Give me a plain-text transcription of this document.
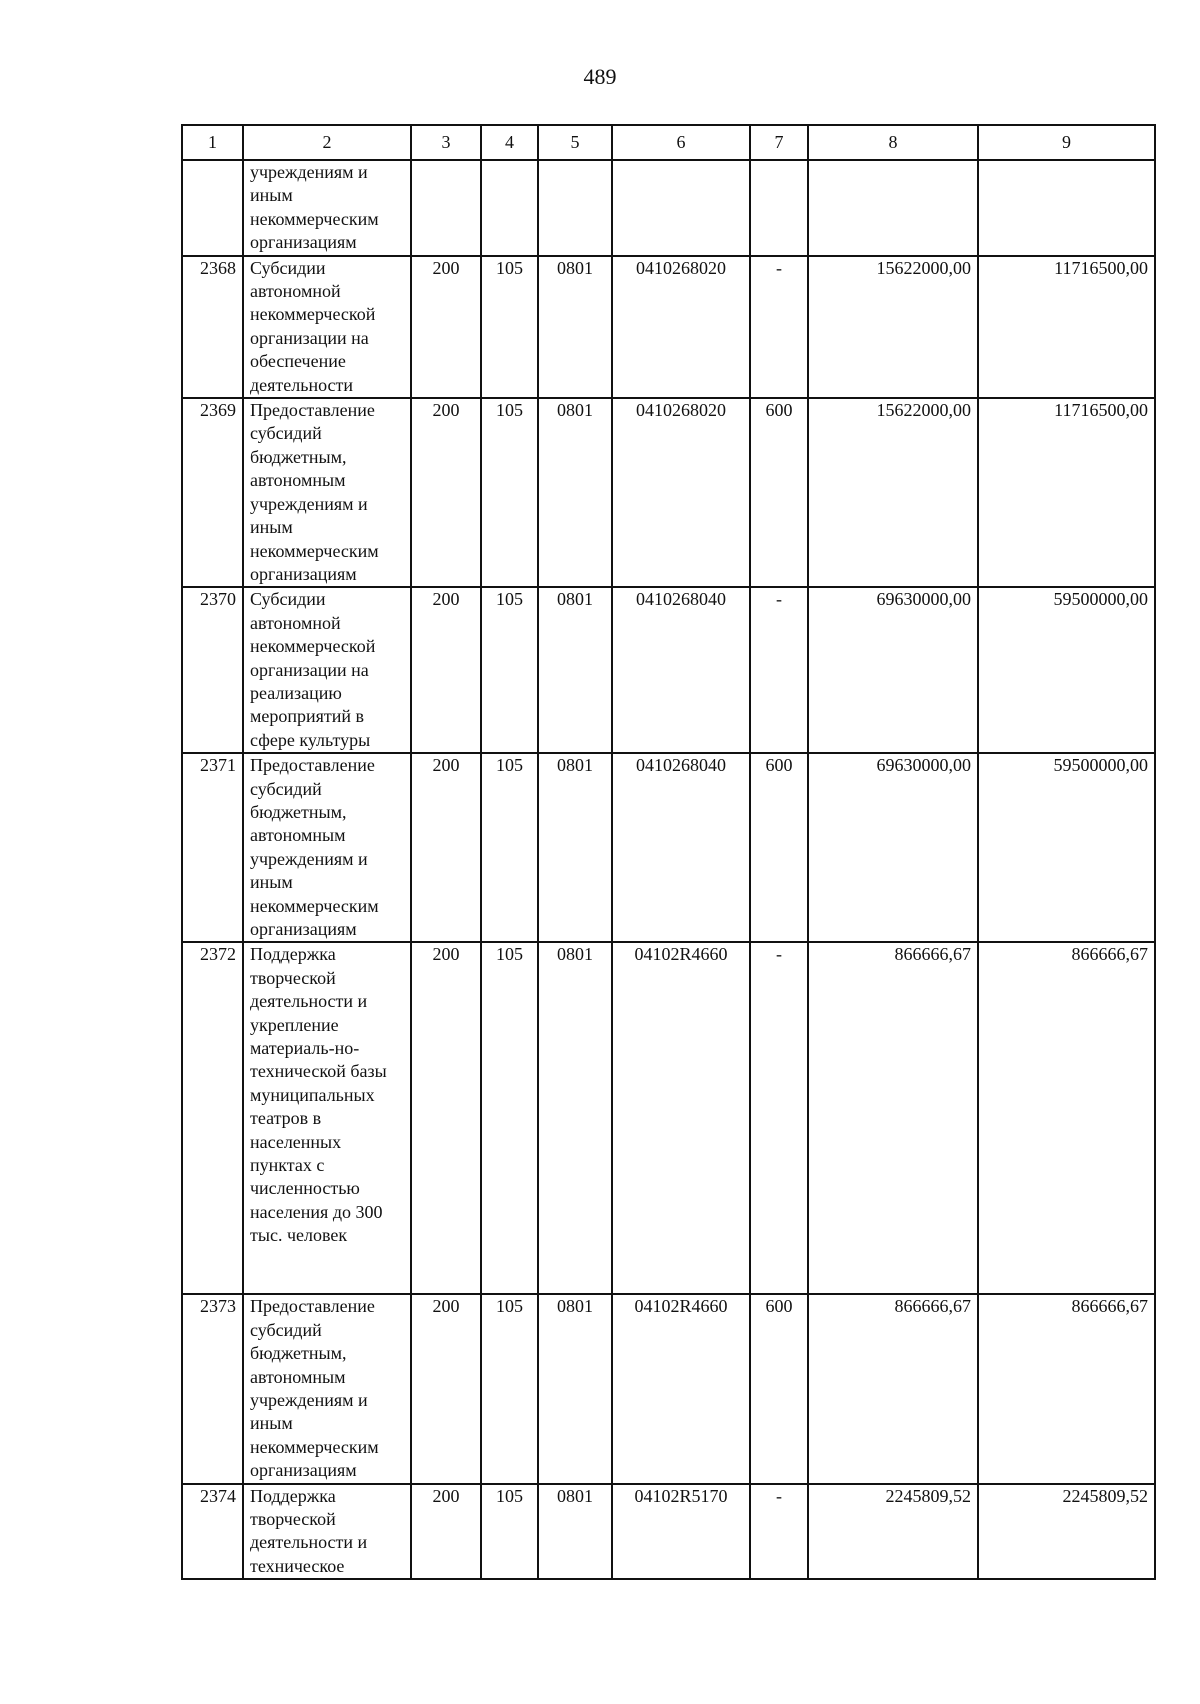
489
1	2	3	4	5	6	7	8	9
	учреждениям и иным некоммерческим организациям							
2368	Субсидии автономной некоммерческой организации на обеспечение деятельности	200	105	0801	0410268020	-	15622000,00	11716500,00
2369	Предоставление субсидий бюджетным, автономным учреждениям и иным некоммерческим организациям	200	105	0801	0410268020	600	15622000,00	11716500,00
2370	Субсидии автономной некоммерческой организации на реализацию мероприятий в сфере культуры	200	105	0801	0410268040	-	69630000,00	59500000,00
2371	Предоставление субсидий бюджетным, автономным учреждениям и иным некоммерческим организациям	200	105	0801	0410268040	600	69630000,00	59500000,00
2372	Поддержка творческой деятельности и укрепление материаль-но-технической базы муниципальных театров в населенных пунктах с численностью населения до 300 тыс. человек	200	105	0801	04102R4660	-	866666,67	866666,67
2373	Предоставление субсидий бюджетным, автономным учреждениям и иным некоммерческим организациям	200	105	0801	04102R4660	600	866666,67	866666,67
2374	Поддержка творческой деятельности и техническое	200	105	0801	04102R5170	-	2245809,52	2245809,52
